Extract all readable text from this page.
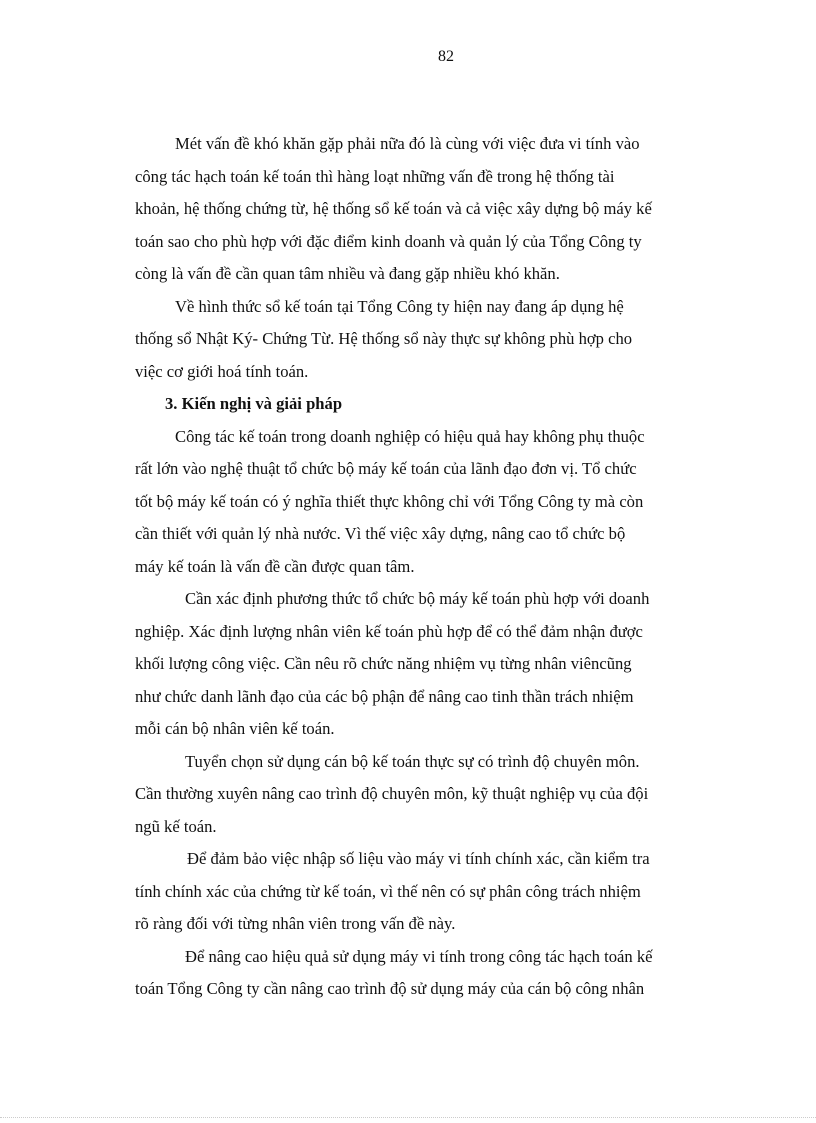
82
Mét vấn đề khó khăn gặp phải nữa đó là cùng với việc đưa vi tính vào
công tác hạch toán kế toán thì hàng loạt những vấn đề trong hệ thống tài
khoản, hệ thống chứng từ, hệ thống sổ kế toán và cả việc xây dựng bộ máy kế
toán sao cho phù hợp với đặc điểm kinh doanh và quản lý của Tổng Công ty
còng là vấn đề cần quan tâm nhiều và đang gặp nhiều khó khăn.
Về hình thức sổ kế toán tại Tổng Công ty hiện nay đang áp dụng hệ
thống sổ Nhật Ký- Chứng Từ. Hệ thống sổ này thực sự không phù hợp cho
việc cơ giới hoá tính toán.
3. Kiến nghị và giải pháp
Công tác kế toán trong doanh nghiệp có hiệu quả hay không phụ thuộc
rất lớn vào nghệ thuật tổ chức bộ máy kế toán của lãnh đạo đơn vị. Tổ chức
tốt bộ máy kế toán có ý nghĩa thiết thực không chỉ với Tổng Công ty mà còn
cần thiết với quản lý nhà nước. Vì thế việc xây dựng, nâng cao tổ chức bộ
máy kế toán là vấn đề cần được quan tâm.
Cần xác định phương thức tổ chức bộ máy kế toán phù hợp với doanh
nghiệp. Xác định lượng nhân viên kế toán phù hợp để có thể đảm nhận được
khối lượng công việc. Cần nêu rõ chức năng nhiệm vụ từng nhân viêncũng
như chức danh lãnh đạo của các bộ phận để nâng cao tinh thần trách nhiệm
mỗi cán bộ nhân viên kế toán.
Tuyển chọn sử dụng cán bộ kế toán thực sự có trình độ chuyên môn.
Cần thường xuyên nâng cao trình độ chuyên môn, kỹ thuật nghiệp vụ của đội
ngũ kế toán.
Để đảm bảo việc nhập số liệu vào máy vi tính chính xác, cần kiểm tra
tính chính xác của chứng từ kế toán, vì thế nên có sự phân công trách nhiệm
rõ ràng đối với từng nhân viên trong vấn đề này.
Để nâng cao hiệu quả sử dụng máy vi tính trong công tác hạch toán kế
toán Tổng Công ty cần nâng cao trình độ sử dụng máy của cán bộ công nhân
